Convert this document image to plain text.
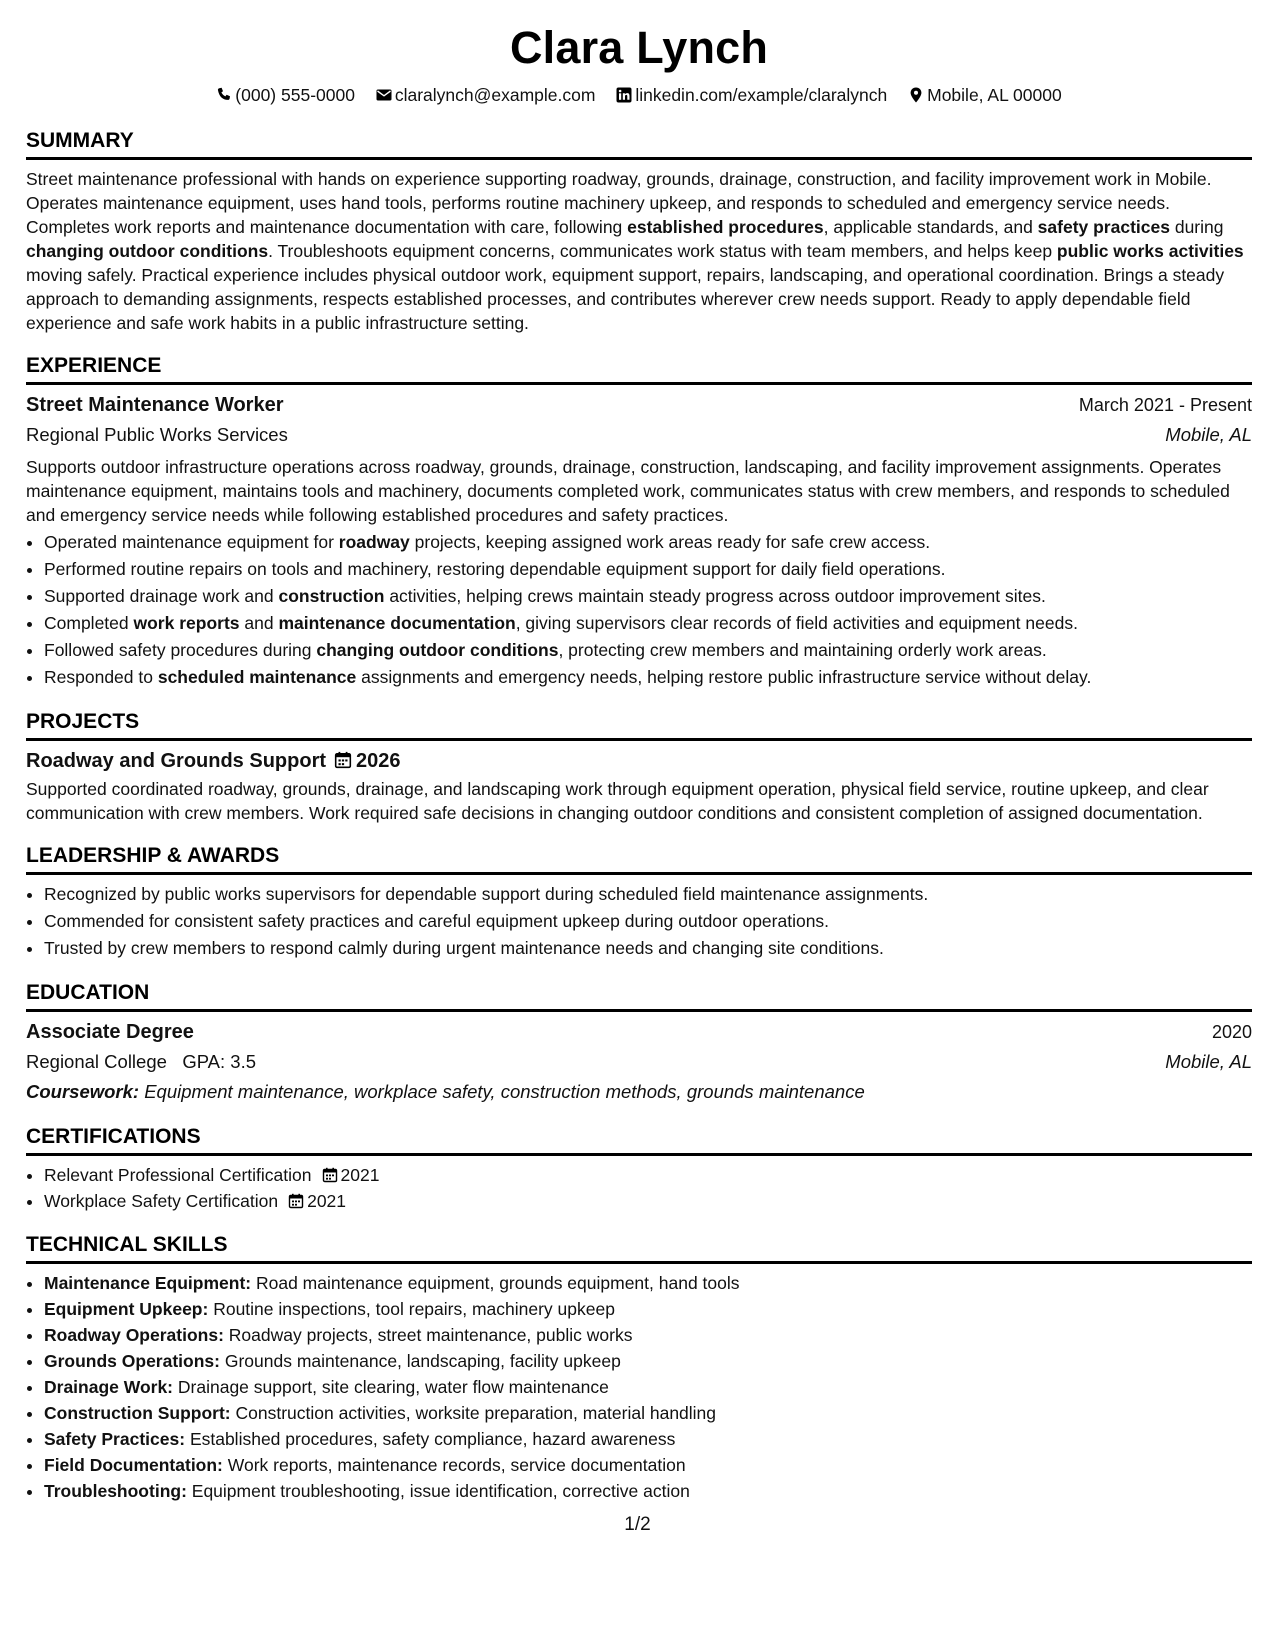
Clara Lynch
(000) 555-0000 claralynch@example.com linkedin.com/example/claralynch Mobile, AL 00000
SUMMARY

Street maintenance professional with hands on experience supporting roadway, grounds, drainage, construction, and facility improvement work in Mobile. Operates maintenance equipment, uses hand tools, performs routine machinery upkeep, and responds to scheduled and emergency service needs. Completes work reports and maintenance documentation with care, following established procedures, applicable standards, and safety practices during changing outdoor conditions. Troubleshoots equipment concerns, communicates work status with team members, and helps keep public works activities moving safely. Practical experience includes physical outdoor work, equipment support, repairs, landscaping, and operational coordination. Brings a steady approach to demanding assignments, respects established processes, and contributes wherever crew needs support. Ready to apply dependable field experience and safe work habits in a public infrastructure setting.

EXPERIENCE
Street Maintenance Worker	March 2021 - Present
Regional Public Works Services	Mobile, AL

Supports outdoor infrastructure operations across roadway, grounds, drainage, construction, landscaping, and facility improvement assignments. Operates maintenance equipment, maintains tools and machinery, documents completed work, communicates status with crew members, and responds to scheduled and emergency service needs while following established procedures and safety practices.

• Operated maintenance equipment for roadway projects, keeping assigned work areas ready for safe crew access.
• Performed routine repairs on tools and machinery, restoring dependable equipment support for daily field operations.
• Supported drainage work and construction activities, helping crews maintain steady progress across outdoor improvement sites.
• Completed work reports and maintenance documentation, giving supervisors clear records of field activities and equipment needs.
• Followed safety procedures during changing outdoor conditions, protecting crew members and maintaining orderly work areas.
• Responded to scheduled maintenance assignments and emergency needs, helping restore public infrastructure service without delay.
PROJECTS
Roadway and Grounds Support 2026

Supported coordinated roadway, grounds, drainage, and landscaping work through equipment operation, physical field service, routine upkeep, and clear communication with crew members. Work required safe decisions in changing outdoor conditions and consistent completion of assigned documentation.

LEADERSHIP & AWARDS
• Recognized by public works supervisors for dependable support during scheduled field maintenance assignments.
• Commended for consistent safety practices and careful equipment upkeep during outdoor operations.
• Trusted by crew members to respond calmly during urgent maintenance needs and changing site conditions.
EDUCATION
Associate Degree	2020
Regional College GPA: 3.5	Mobile, AL
Coursework: Equipment maintenance, workplace safety, construction methods, grounds maintenance
CERTIFICATIONS
• Relevant Professional Certification 2021
• Workplace Safety Certification 2021
TECHNICAL SKILLS
• Maintenance Equipment: Road maintenance equipment, grounds equipment, hand tools
• Equipment Upkeep: Routine inspections, tool repairs, machinery upkeep
• Roadway Operations: Roadway projects, street maintenance, public works
• Grounds Operations: Grounds maintenance, landscaping, facility upkeep
• Drainage Work: Drainage support, site clearing, water flow maintenance
• Construction Support: Construction activities, worksite preparation, material handling
• Safety Practices: Established procedures, safety compliance, hazard awareness
• Field Documentation: Work reports, maintenance records, service documentation
• Troubleshooting: Equipment troubleshooting, issue identification, corrective action
1/2
